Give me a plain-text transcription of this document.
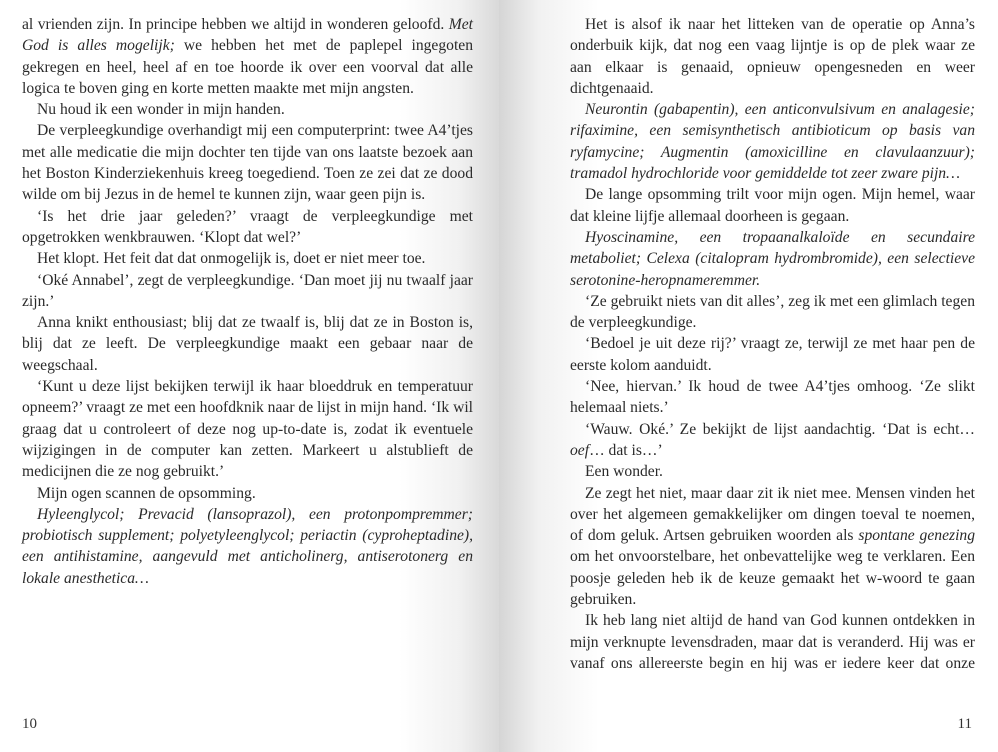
al vrienden zijn. In principe hebben we altijd in wonderen geloofd. Met God is alles mogelijk; we hebben het met de paplepel ingegoten gekregen en heel, heel af en toe hoorde ik over een voorval dat alle logica te boven ging en korte metten maakte met mijn angsten.

Nu houd ik een wonder in mijn handen.

De verpleegkundige overhandigt mij een computerprint: twee A4’tjes met alle medicatie die mijn dochter ten tijde van ons laatste bezoek aan het Boston Kinderziekenhuis kreeg toegediend. Toen ze zei dat ze dood wilde om bij Jezus in de hemel te kunnen zijn, waar geen pijn is.

‘Is het drie jaar geleden?’ vraagt de verpleegkundige met opgetrokken wenkbrauwen. ‘Klopt dat wel?’

Het klopt. Het feit dat dat onmogelijk is, doet er niet meer toe.

‘Oké Annabel’, zegt de verpleegkundige. ‘Dan moet jij nu twaalf jaar zijn.’

Anna knikt enthousiast; blij dat ze twaalf is, blij dat ze in Boston is, blij dat ze leeft. De verpleegkundige maakt een gebaar naar de weegschaal.

‘Kunt u deze lijst bekijken terwijl ik haar bloeddruk en temperatuur opneem?’ vraagt ze met een hoofdknik naar de lijst in mijn hand. ‘Ik wil graag dat u controleert of deze nog up-to-date is, zodat ik eventuele wijzigingen in de computer kan zetten. Markeert u alstublieft de medicijnen die ze nog gebruikt.’

Mijn ogen scannen de opsomming.

Hyleenglycol; Prevacid (lansoprazol), een protonpompremmer; probiotisch supplement; polyetyleenglycol; periactin (cyproheptadine), een antihistamine, aangevuld met anticholinerg, antiserotonerg en lokale anesthetica…

10

Het is alsof ik naar het litteken van de operatie op Anna’s onderbuik kijk, dat nog een vaag lijntje is op de plek waar ze aan elkaar is genaaid, opnieuw opengesneden en weer dichtgenaaid.

Neurontin (gabapentin), een anticonvulsivum en analagesie; rifaximine, een semisynthetisch antibioticum op basis van ryfamycine; Augmentin (amoxicilline en clavulaanzuur); tramadol hydrochloride voor gemiddelde tot zeer zware pijn…

De lange opsomming trilt voor mijn ogen. Mijn hemel, waar dat kleine lijfje allemaal doorheen is gegaan.

Hyoscinamine, een tropaanalkaloïde en secundaire metaboliet; Celexa (citalopram hydrombromide), een selectieve serotonine-heropnameremmer.

‘Ze gebruikt niets van dit alles’, zeg ik met een glimlach tegen de verpleegkundige.

‘Bedoel je uit deze rij?’ vraagt ze, terwijl ze met haar pen de eerste kolom aanduidt.

‘Nee, hiervan.’ Ik houd de twee A4’tjes omhoog. ‘Ze slikt helemaal niets.’

‘Wauw. Oké.’ Ze bekijkt de lijst aandachtig. ‘Dat is echt… oef… dat is…’

Een wonder.

Ze zegt het niet, maar daar zit ik niet mee. Mensen vinden het over het algemeen gemakkelijker om dingen toeval te noemen, of dom geluk. Artsen gebruiken woorden als spontane genezing om het onvoorstelbare, het onbevattelijke weg te verklaren. Een poosje geleden heb ik de keuze gemaakt het w-woord te gaan gebruiken.

Ik heb lang niet altijd de hand van God kunnen ontdekken in mijn verknupte levensdraden, maar dat is veranderd. Hij was er vanaf ons allereerste begin en hij was er iedere keer dat onze

11
